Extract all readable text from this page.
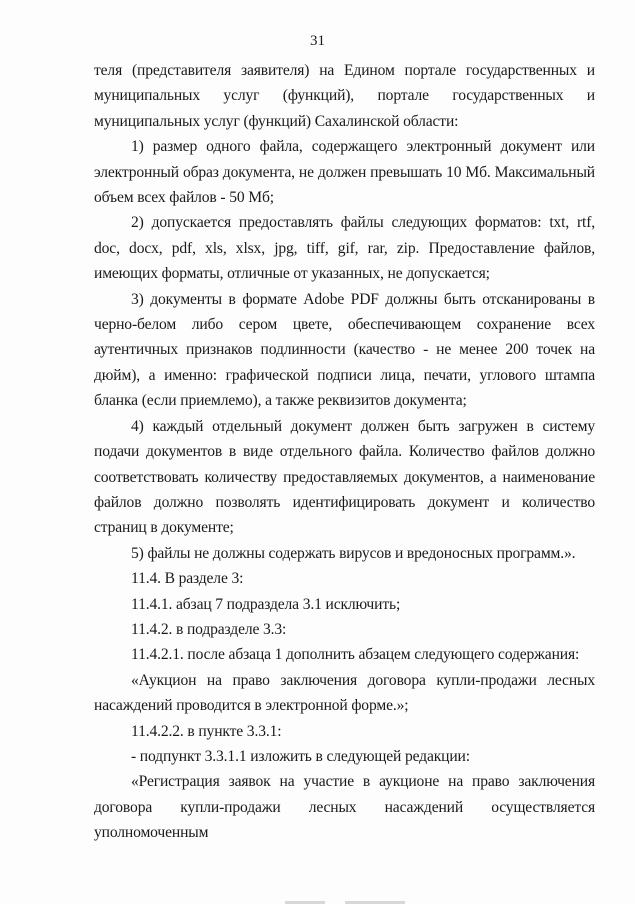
31

теля (представителя заявителя) на Едином портале государственных и муниципальных услуг (функций), портале государственных и муниципальных услуг (функций) Сахалинской области:

1) размер одного файла, содержащего электронный документ или электронный образ документа, не должен превышать 10 Мб. Максимальный объем всех файлов - 50 Мб;

2) допускается предоставлять файлы следующих форматов: txt, rtf, doc, docx, pdf, xls, xlsx, jpg, tiff, gif, rar, zip. Предоставление файлов, имеющих форматы, отличные от указанных, не допускается;

3) документы в формате Adobe PDF должны быть отсканированы в черно-белом либо сером цвете, обеспечивающем сохранение всех аутентичных признаков подлинности (качество - не менее 200 точек на дюйм), а именно: графической подписи лица, печати, углового штампа бланка (если приемлемо), а также реквизитов документа;

4) каждый отдельный документ должен быть загружен в систему подачи документов в виде отдельного файла. Количество файлов должно соответствовать количеству предоставляемых документов, а наименование файлов должно позволять идентифицировать документ и количество страниц в документе;

5) файлы не должны содержать вирусов и вредоносных программ.».

11.4. В разделе 3:

11.4.1. абзац 7 подраздела 3.1 исключить;

11.4.2. в подразделе 3.3:

11.4.2.1. после абзаца 1 дополнить абзацем следующего содержания:

«Аукцион на право заключения договора купли-продажи лесных насаждений проводится в электронной форме.»;

11.4.2.2. в пункте 3.3.1:

- подпункт 3.3.1.1 изложить в следующей редакции:

«Регистрация заявок на участие в аукционе на право заключения договора купли-продажи лесных насаждений осуществляется уполномоченным
